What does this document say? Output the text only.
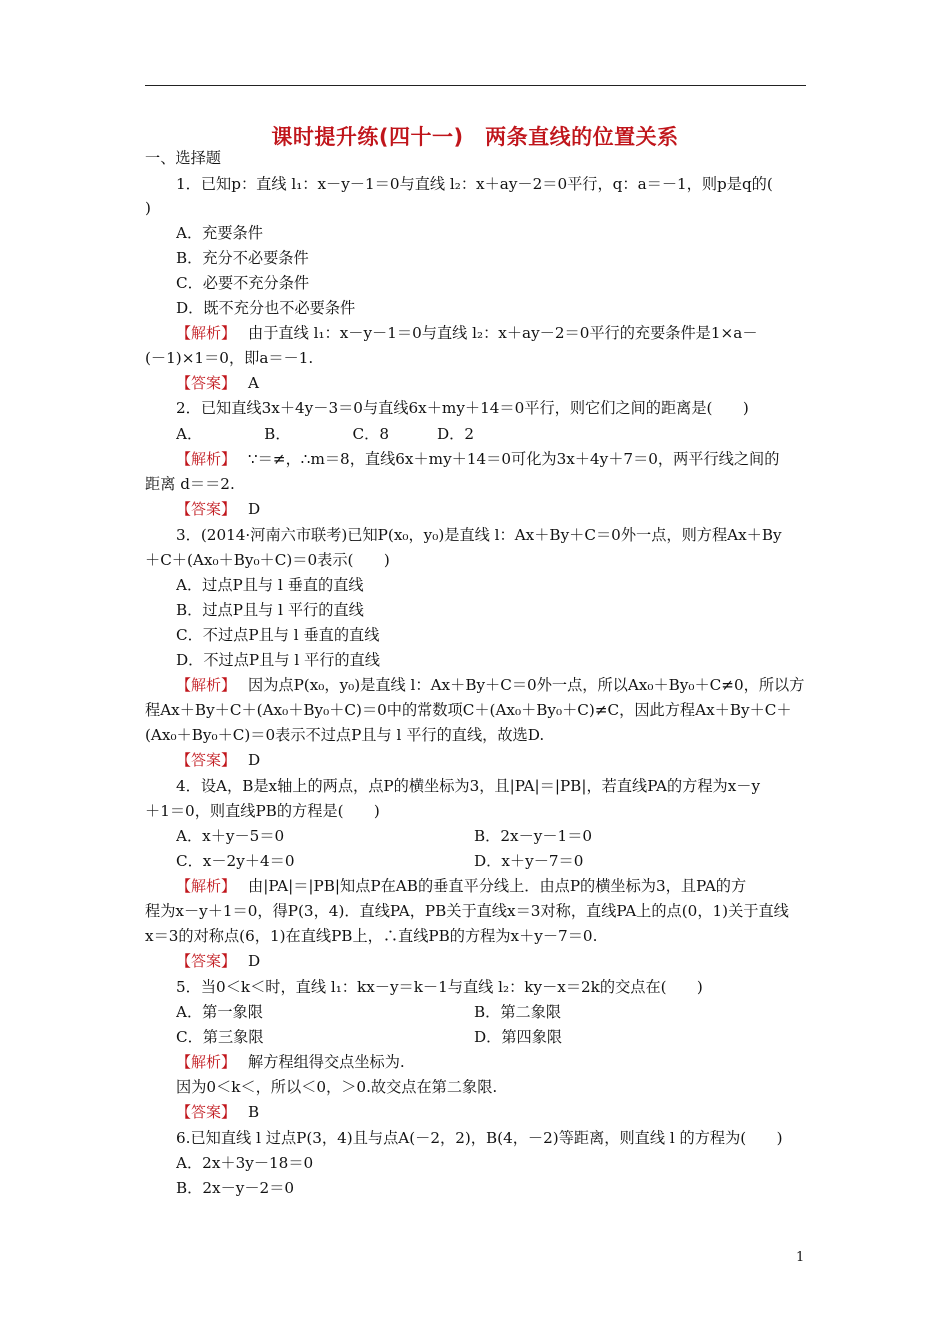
课时提升练(四十一)　两条直线的位置关系
一、选择题
1．已知p：直线 l₁：x－y－1＝0与直线 l₂：x＋ay－2＝0平行，q：a＝－1，则p是q的(
)
A．充要条件
B．充分不必要条件
C．必要不充分条件
D．既不充分也不必要条件
【解析】 由于直线 l₁：x－y－1＝0与直线 l₂：x＋ay－2＝0平行的充要条件是1×a－
(－1)×1＝0，即a＝－1.
【答案】 A
2．已知直线3x＋4y－3＝0与直线6x＋my＋14＝0平行，则它们之间的距离是(　　)
A．	B．	C．8	D．2
【解析】 ∵＝≠，∴m＝8，直线6x＋my＋14＝0可化为3x＋4y＋7＝0，两平行线之间的
距离 d＝＝2.
【答案】 D
3．(2014·河南六市联考)已知P(x₀，y₀)是直线 l：Ax＋By＋C＝0外一点，则方程Ax＋By
＋C＋(Ax₀＋By₀＋C)＝0表示(　　)
A．过点P且与 l 垂直的直线
B．过点P且与 l 平行的直线
C．不过点P且与 l 垂直的直线
D．不过点P且与 l 平行的直线
【解析】 因为点P(x₀，y₀)是直线 l：Ax＋By＋C＝0外一点，所以Ax₀＋By₀＋C≠0，所以方
程Ax＋By＋C＋(Ax₀＋By₀＋C)＝0中的常数项C＋(Ax₀＋By₀＋C)≠C，因此方程Ax＋By＋C＋
(Ax₀＋By₀＋C)＝0表示不过点P且与 l 平行的直线，故选D.
【答案】 D
4．设A，B是x轴上的两点，点P的横坐标为3，且|PA|＝|PB|，若直线PA的方程为x－y
＋1＝0，则直线PB的方程是(　　)
A．x＋y－5＝0	B．2x－y－1＝0
C．x－2y＋4＝0	D．x＋y－7＝0
【解析】 由|PA|＝|PB|知点P在AB的垂直平分线上．由点P的横坐标为3，且PA的方
程为x－y＋1＝0，得P(3，4)．直线PA，PB关于直线x＝3对称，直线PA上的点(0，1)关于直线
x＝3的对称点(6，1)在直线PB上，∴直线PB的方程为x＋y－7＝0.
【答案】 D
5．当0＜k＜时，直线 l₁：kx－y＝k－1与直线 l₂：ky－x＝2k的交点在(　　)
A．第一象限	B．第二象限
C．第三象限	D．第四象限
【解析】 解方程组得交点坐标为.
因为0＜k＜，所以＜0，＞0.故交点在第二象限.
【答案】 B
6.已知直线 l 过点P(3，4)且与点A(－2，2)，B(4，－2)等距离，则直线 l 的方程为(　　)
A．2x＋3y－18＝0
B．2x－y－2＝0
1
